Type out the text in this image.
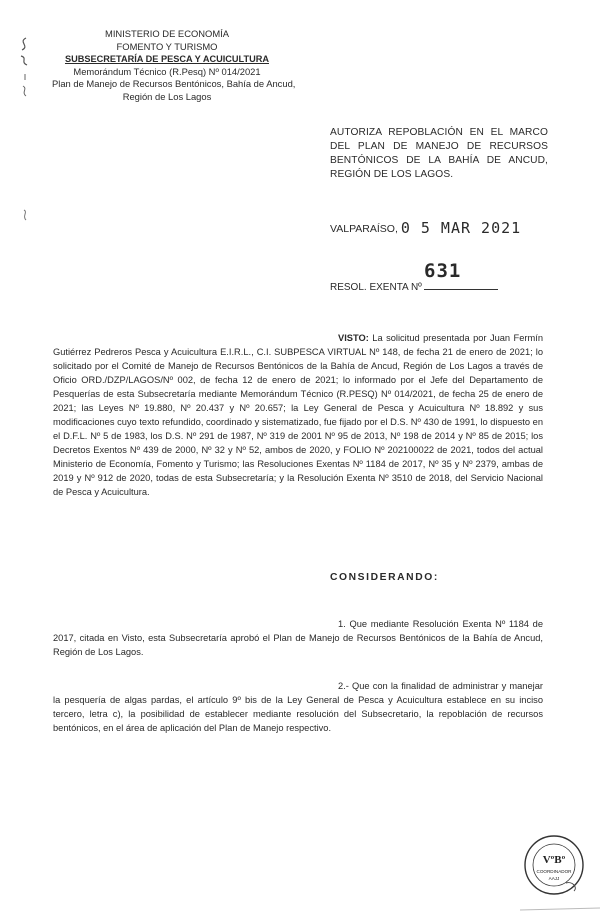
MINISTERIO DE ECONOMÍA
FOMENTO Y TURISMO
SUBSECRETARÍA DE PESCA Y ACUICULTURA
Memorándum Técnico (R.Pesq) Nº 014/2021
Plan de Manejo de Recursos Bentónicos, Bahía de Ancud,
Región de Los Lagos
AUTORIZA REPOBLACIÓN EN EL MARCO DEL PLAN DE MANEJO DE RECURSOS BENTÓNICOS DE LA BAHÍA DE ANCUD, REGIÓN DE LOS LAGOS.
VALPARAÍSO, 0 5 MAR 2021
RESOL. EXENTA Nº
631
VISTO: La solicitud presentada por Juan Fermín Gutiérrez Pedreros Pesca y Acuicultura E.I.R.L., C.I. SUBPESCA VIRTUAL Nº 148, de fecha 21 de enero de 2021; lo solicitado por el Comité de Manejo de Recursos Bentónicos de la Bahía de Ancud, Región de Los Lagos a través de Oficio ORD./DZP/LAGOS/Nº 002, de fecha 12 de enero de 2021; lo informado por el Jefe del Departamento de Pesquerías de esta Subsecretaría mediante Memorándum Técnico (R.PESQ) Nº 014/2021, de fecha 25 de enero de 2021; las Leyes Nº 19.880, Nº 20.437 y Nº 20.657; la Ley General de Pesca y Acuicultura Nº 18.892 y sus modificaciones cuyo texto refundido, coordinado y sistematizado, fue fijado por el D.S. Nº 430 de 1991, lo dispuesto en el D.F.L. Nº 5 de 1983, los D.S. Nº 291 de 1987, Nº 319 de 2001 Nº 95 de 2013, Nº 198 de 2014 y Nº 85 de 2015; los Decretos Exentos Nº 439 de 2000, Nº 32 y Nº 52, ambos de 2020, y FOLIO Nº 202100022 de 2021, todos del actual Ministerio de Economía, Fomento y Turismo; las Resoluciones Exentas Nº 1184 de 2017, Nº 35 y Nº 2379, ambas de 2019 y Nº 912 de 2020, todas de esta Subsecretaría; y la Resolución Exenta Nº 3510 de 2018, del Servicio Nacional de Pesca y Acuicultura.
CONSIDERANDO:
1. Que mediante Resolución Exenta Nº 1184 de 2017, citada en Visto, esta Subsecretaría aprobó el Plan de Manejo de Recursos Bentónicos de la Bahía de Ancud, Región de Los Lagos.
2.- Que con la finalidad de administrar y manejar la pesquería de algas pardas, el artículo 9º bis de la Ley General de Pesca y Acuicultura establece en su inciso tercero, letra c), la posibilidad de establecer mediante resolución del Subsecretario, la repoblación de recursos bentónicos, en el área de aplicación del Plan de Manejo respectivo.
VºBº
COORDINADOR
AAJJ
